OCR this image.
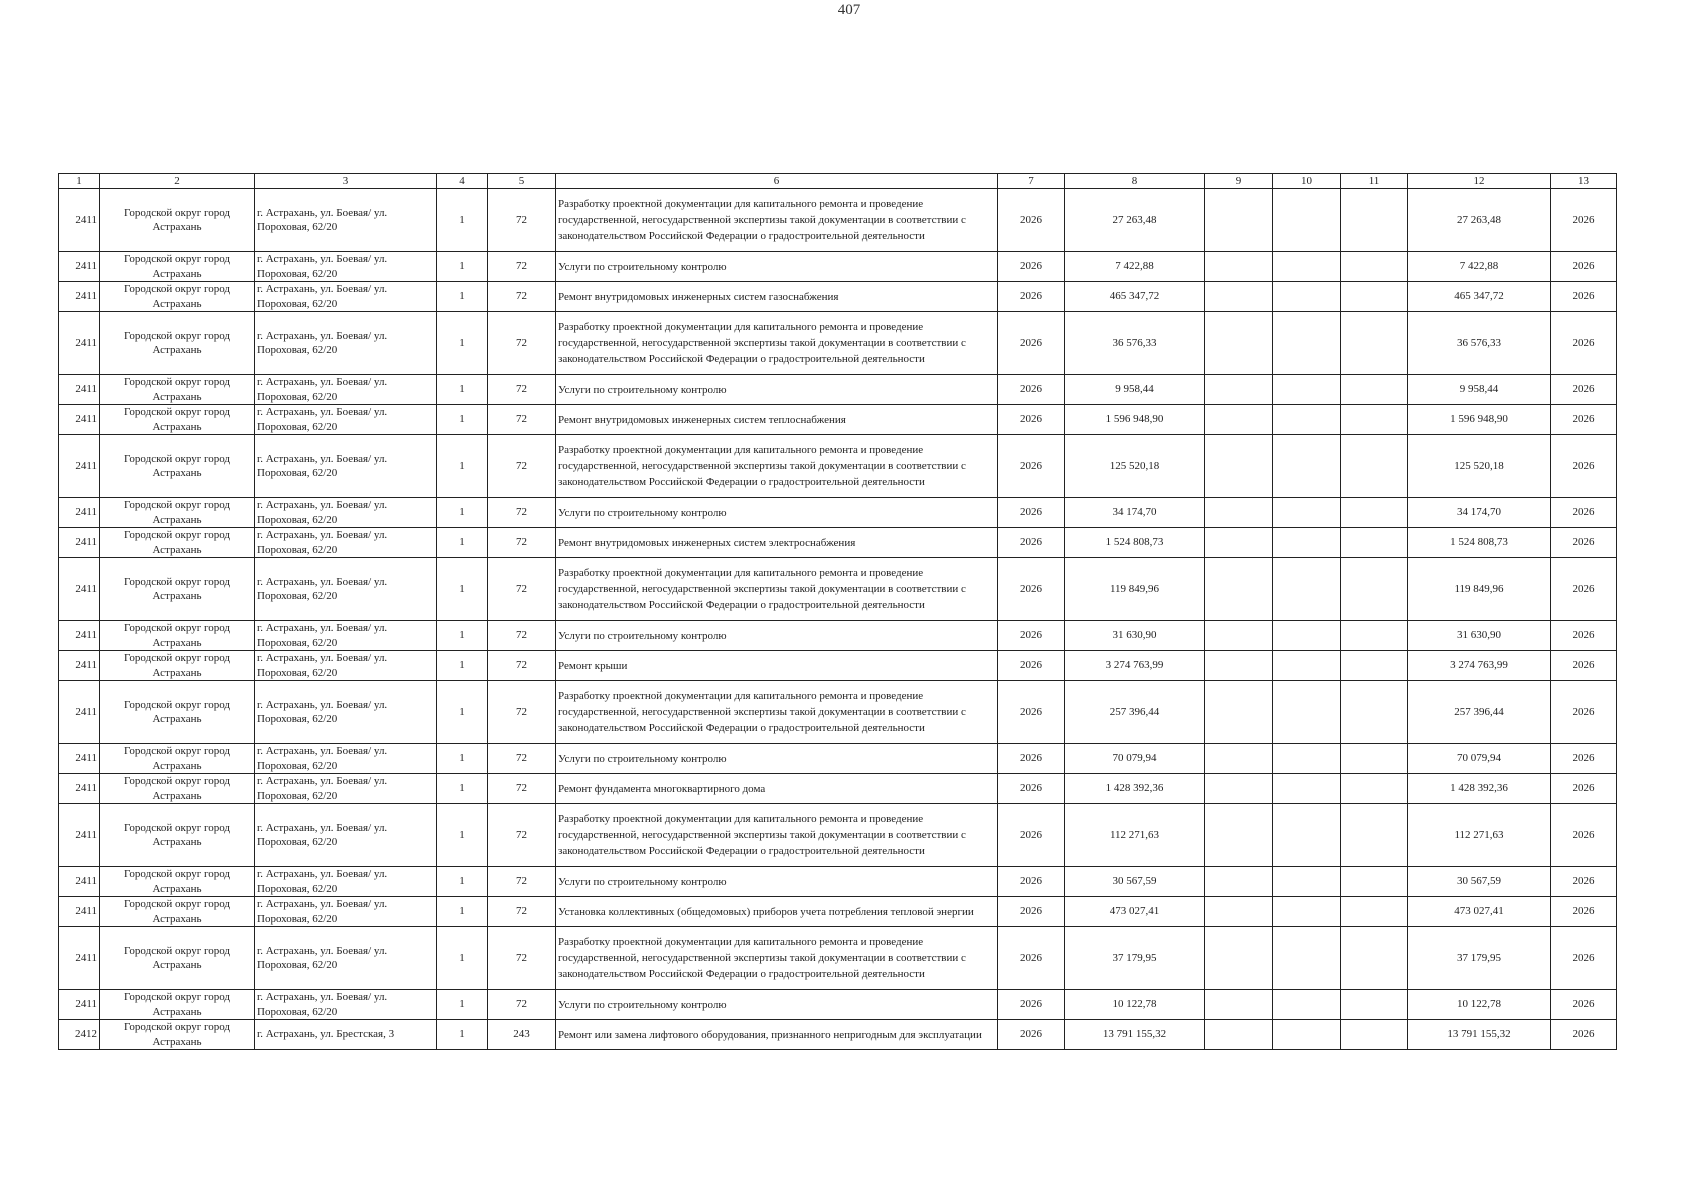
407
1	2	3	4	5	6	7	8	9	10	11	12	13
2411	Городской округ город Астрахань	г. Астрахань, ул. Боевая/ ул. Пороховая, 62/20	1	72	Разработку проектной документации для капитального ремонта и проведение государственной, негосударственной экспертизы такой документации в соответствии с законодательством Российской Федерации о градостроительной деятельности	2026	27 263,48				27 263,48	2026
2411	Городской округ город Астрахань	г. Астрахань, ул. Боевая/ ул. Пороховая, 62/20	1	72	Услуги по строительному контролю	2026	7 422,88				7 422,88	2026
2411	Городской округ город Астрахань	г. Астрахань, ул. Боевая/ ул. Пороховая, 62/20	1	72	Ремонт внутридомовых инженерных систем газоснабжения	2026	465 347,72				465 347,72	2026
2411	Городской округ город Астрахань	г. Астрахань, ул. Боевая/ ул. Пороховая, 62/20	1	72	Разработку проектной документации для капитального ремонта и проведение государственной, негосударственной экспертизы такой документации в соответствии с законодательством Российской Федерации о градостроительной деятельности	2026	36 576,33				36 576,33	2026
2411	Городской округ город Астрахань	г. Астрахань, ул. Боевая/ ул. Пороховая, 62/20	1	72	Услуги по строительному контролю	2026	9 958,44				9 958,44	2026
2411	Городской округ город Астрахань	г. Астрахань, ул. Боевая/ ул. Пороховая, 62/20	1	72	Ремонт внутридомовых инженерных систем теплоснабжения	2026	1 596 948,90				1 596 948,90	2026
2411	Городской округ город Астрахань	г. Астрахань, ул. Боевая/ ул. Пороховая, 62/20	1	72	Разработку проектной документации для капитального ремонта и проведение государственной, негосударственной экспертизы такой документации в соответствии с законодательством Российской Федерации о градостроительной деятельности	2026	125 520,18				125 520,18	2026
2411	Городской округ город Астрахань	г. Астрахань, ул. Боевая/ ул. Пороховая, 62/20	1	72	Услуги по строительному контролю	2026	34 174,70				34 174,70	2026
2411	Городской округ город Астрахань	г. Астрахань, ул. Боевая/ ул. Пороховая, 62/20	1	72	Ремонт внутридомовых инженерных систем электроснабжения	2026	1 524 808,73				1 524 808,73	2026
2411	Городской округ город Астрахань	г. Астрахань, ул. Боевая/ ул. Пороховая, 62/20	1	72	Разработку проектной документации для капитального ремонта и проведение государственной, негосударственной экспертизы такой документации в соответствии с законодательством Российской Федерации о градостроительной деятельности	2026	119 849,96				119 849,96	2026
2411	Городской округ город Астрахань	г. Астрахань, ул. Боевая/ ул. Пороховая, 62/20	1	72	Услуги по строительному контролю	2026	31 630,90				31 630,90	2026
2411	Городской округ город Астрахань	г. Астрахань, ул. Боевая/ ул. Пороховая, 62/20	1	72	Ремонт крыши	2026	3 274 763,99				3 274 763,99	2026
2411	Городской округ город Астрахань	г. Астрахань, ул. Боевая/ ул. Пороховая, 62/20	1	72	Разработку проектной документации для капитального ремонта и проведение государственной, негосударственной экспертизы такой документации в соответствии с законодательством Российской Федерации о градостроительной деятельности	2026	257 396,44				257 396,44	2026
2411	Городской округ город Астрахань	г. Астрахань, ул. Боевая/ ул. Пороховая, 62/20	1	72	Услуги по строительному контролю	2026	70 079,94				70 079,94	2026
2411	Городской округ город Астрахань	г. Астрахань, ул. Боевая/ ул. Пороховая, 62/20	1	72	Ремонт фундамента многоквартирного дома	2026	1 428 392,36				1 428 392,36	2026
2411	Городской округ город Астрахань	г. Астрахань, ул. Боевая/ ул. Пороховая, 62/20	1	72	Разработку проектной документации для капитального ремонта и проведение государственной, негосударственной экспертизы такой документации в соответствии с законодательством Российской Федерации о градостроительной деятельности	2026	112 271,63				112 271,63	2026
2411	Городской округ город Астрахань	г. Астрахань, ул. Боевая/ ул. Пороховая, 62/20	1	72	Услуги по строительному контролю	2026	30 567,59				30 567,59	2026
2411	Городской округ город Астрахань	г. Астрахань, ул. Боевая/ ул. Пороховая, 62/20	1	72	Установка коллективных (общедомовых) приборов учета потребления тепловой энергии	2026	473 027,41				473 027,41	2026
2411	Городской округ город Астрахань	г. Астрахань, ул. Боевая/ ул. Пороховая, 62/20	1	72	Разработку проектной документации для капитального ремонта и проведение государственной, негосударственной экспертизы такой документации в соответствии с законодательством Российской Федерации о градостроительной деятельности	2026	37 179,95				37 179,95	2026
2411	Городской округ город Астрахань	г. Астрахань, ул. Боевая/ ул. Пороховая, 62/20	1	72	Услуги по строительному контролю	2026	10 122,78				10 122,78	2026
2412	Городской округ город Астрахань	г. Астрахань, ул. Брестская, 3	1	243	Ремонт или замена лифтового оборудования, признанного непригодным для эксплуатации	2026	13 791 155,32				13 791 155,32	2026
